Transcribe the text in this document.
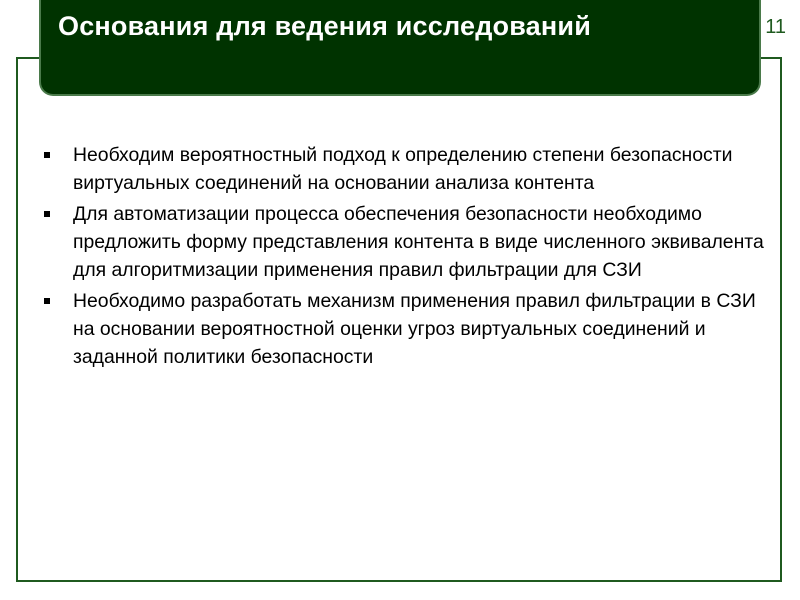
Основания для ведения исследований	11
Необходим вероятностный подход к определению степени безопасности виртуальных соединений на основании анализа контента
Для автоматизации процесса обеспечения безопасности необходимо предложить форму представления контента в виде численного эквивалента для алгоритмизации применения правил фильтрации для СЗИ
Необходимо разработать механизм применения правил фильтрации в СЗИ на основании вероятностной оценки угроз виртуальных соединений и заданной политики безопасности
